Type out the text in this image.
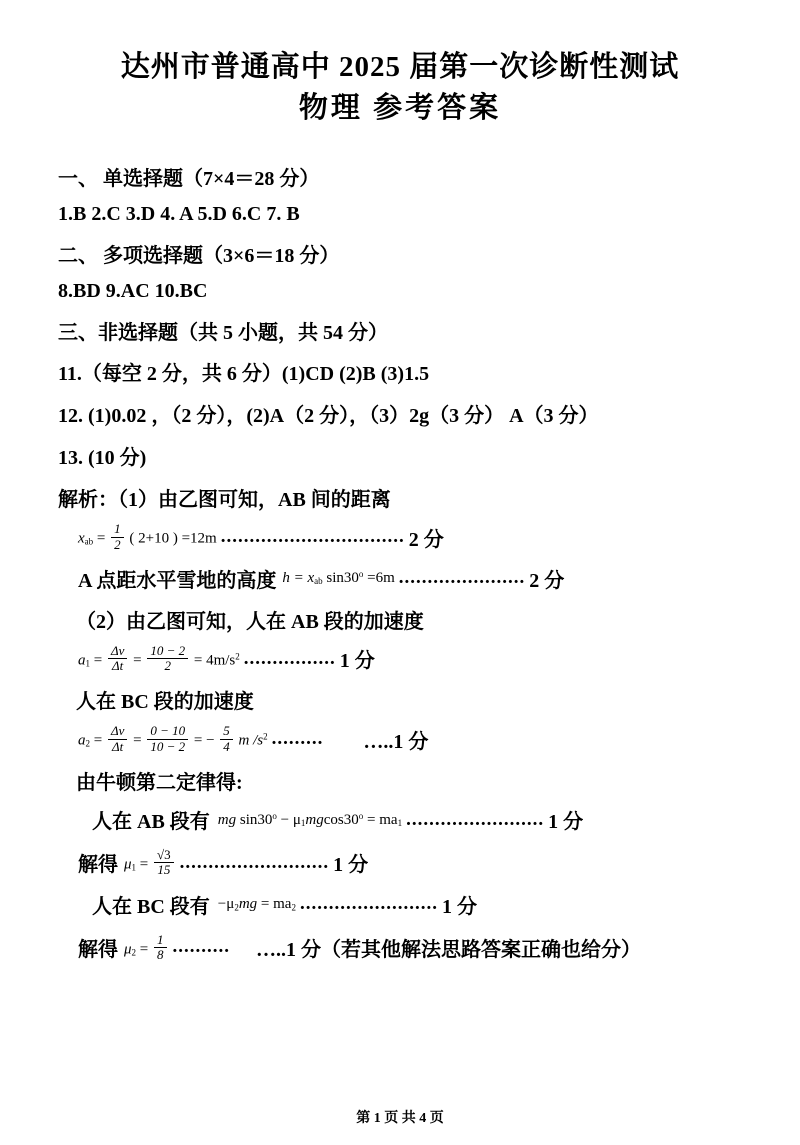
达州市普通高中 2025 届第一次诊断性测试
物理 参考答案
一、 单选择题（7×4＝28 分）
1.B 2.C 3.D 4. A 5.D 6.C 7. B
二、 多项选择题（3×6＝18 分）
8.BD 9.AC 10.BC
三、非选择题（共 5 小题，共 54 分）
11.（每空 2 分，共 6 分）(1)CD (2)B (3)1.5
12. (1)0.02 ，（2 分），(2)A（2 分），（3）2g（3 分） A（3 分）
13. (10 分)
解析：（1）由乙图可知，AB 间的距离
$x_{ab} = \frac{1}{2}$ ( 2+10 ) =12m ................................ 2 分
A 点距水平雪地的高度 $h = x_{ab}$ $\sin 30^o =6m$ ...................... 2 分
（2）由乙图可知，人在 AB 段的加速度
$a_1 = \frac{\Delta v}{\Delta t} = \frac{10 - 2}{2} = 4m/s^2$ ................ 1 分
人在 BC 段的加速度
$a_2 = \frac{\Delta v}{\Delta t} = \frac{0 - 10}{10 - 2}$ = − $\frac{5}{4}$ m $/s^2$ ......... …..1 分
由牛顿第二定律得:
人在 AB 段有 mg $\sin 30^o - \mu_1mgcos30^o = ma_1$ ........................ 1 分
解得 $\mu_1 = \frac{√3}{15}$ .......................... 1 分
人在 BC 段有 $-\mu_2mg = ma_2$ ........................ 1 分
解得 $\mu_2 = \frac{1}{8}$ .......... …..1 分 （若其他解法思路答案正确也给分）
第 1 页 共 4 页
